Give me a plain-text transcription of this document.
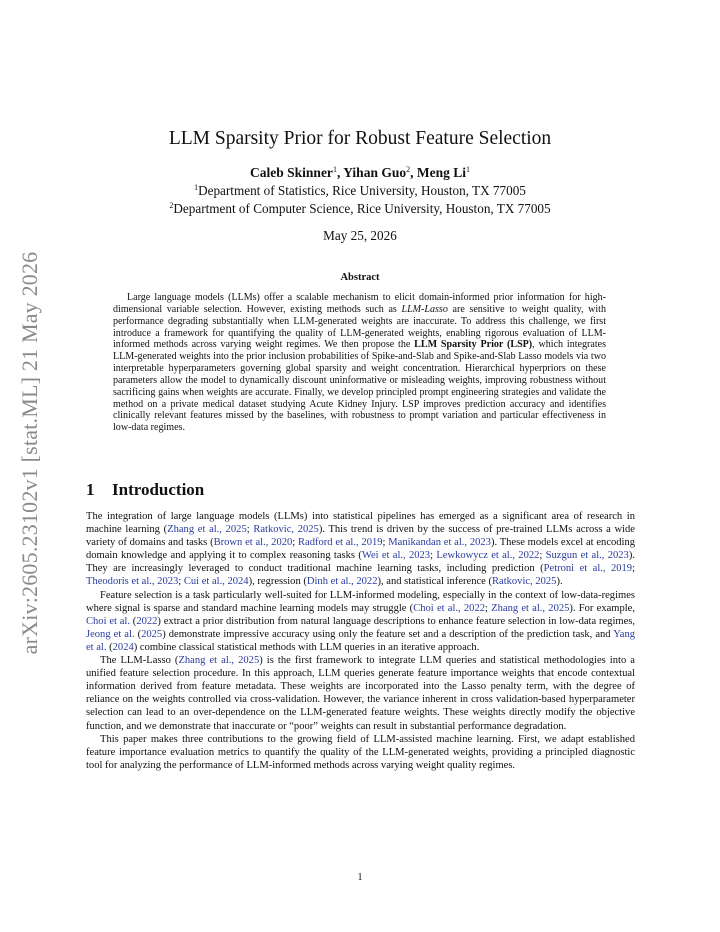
arXiv:2605.23102v1 [stat.ML] 21 May 2026
LLM Sparsity Prior for Robust Feature Selection
Caleb Skinner$^1$, Yihan Guo$^2$, Meng Li$^1$
$^1$Department of Statistics, Rice University, Houston, TX 77005
$^2$Department of Computer Science, Rice University, Houston, TX 77005
May 25, 2026
Abstract
Large language models (LLMs) offer a scalable mechanism to elicit domain-informed prior information for high-dimensional variable selection. However, existing methods such as LLM-Lasso are sensitive to weight quality, with performance degrading substantially when LLM-generated weights are inaccurate. To address this challenge, we first introduce a framework for quantifying the quality of LLM-generated weights, enabling rigorous evaluation of LLM-informed methods across varying weight regimes. We then propose the LLM Sparsity Prior (LSP), which integrates LLM-generated weights into the prior inclusion probabilities of Spike-and-Slab and Spike-and-Slab Lasso models via two interpretable hyperparameters governing global sparsity and weight concentration. Hierarchical hyperpriors on these parameters allow the model to dynamically discount uninformative or misleading weights, improving robustness without sacrificing gains when weights are accurate. Finally, we develop principled prompt engineering strategies and validate the method on a private medical dataset studying Acute Kidney Injury. LSP improves prediction accuracy and identifies clinically relevant features missed by the baselines, with robustness to prompt variation and particular effectiveness in low-data regimes.
1 Introduction

The integration of large language models (LLMs) into statistical pipelines has emerged as a significant area of research in machine learning (Zhang et al., 2025; Ratkovic, 2025). This trend is driven by the success of pre-trained LLMs across a wide variety of domains and tasks (Brown et al., 2020; Radford et al., 2019; Manikandan et al., 2023). These models excel at encoding domain knowledge and applying it to complex reasoning tasks (Wei et al., 2023; Lewkowycz et al., 2022; Suzgun et al., 2023). They are increasingly leveraged to conduct traditional machine learning tasks, including prediction (Petroni et al., 2019; Theodoris et al., 2023; Cui et al., 2024), regression (Dinh et al., 2022), and statistical inference (Ratkovic, 2025).

Feature selection is a task particularly well-suited for LLM-informed modeling, especially in the context of low-data-regimes where signal is sparse and standard machine learning models may struggle (Choi et al., 2022; Zhang et al., 2025). For example, Choi et al. (2022) extract a prior distribution from natural language descriptions to enhance feature selection in low-data regimes, Jeong et al. (2025) demonstrate impressive accuracy using only the feature set and a description of the prediction task, and Yang et al. (2024) combine classical statistical methods with LLM queries in an iterative approach.

The LLM-Lasso (Zhang et al., 2025) is the first framework to integrate LLM queries and statistical methodologies into a unified feature selection procedure. In this approach, LLM queries generate feature importance weights that encode contextual information derived from feature metadata. These weights are incorporated into the Lasso penalty term, with the degree of reliance on the weights controlled via cross-validation. However, the variance inherent in cross validation-based hyperparameter selection can lead to an over-dependence on the LLM-generated feature weights. These weights directly modify the objective function, and we demonstrate that inaccurate or “poor” weights can result in substantial performance degradation.

This paper makes three contributions to the growing field of LLM-assisted machine learning. First, we adapt established feature importance evaluation metrics to quantify the quality of the LLM-generated weights, providing a principled diagnostic tool for analyzing the performance of LLM-informed methods across varying weight quality regimes.

1
